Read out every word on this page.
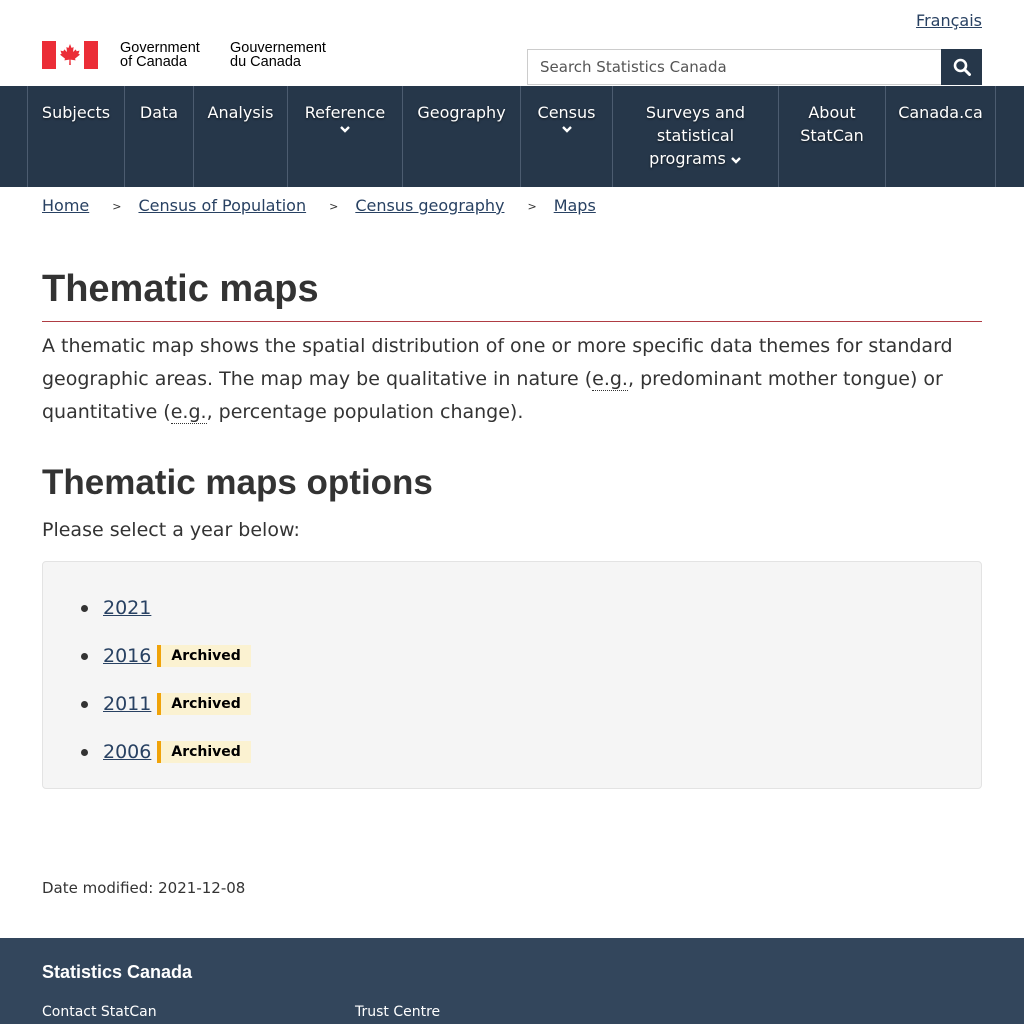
Français
Government
of Canada
Gouvernement
du Canada
Search Statistics Canada
Subjects	Data	Analysis	Reference	Geography	Census	Surveys and
statistical
programs
About
StatCan
Canada.ca
Home > Census of Population > Census geography > Maps
Thematic maps

A thematic map shows the spatial distribution of one or more specific data themes for standard geographic areas. The map may be qualitative in nature (e.g., predominant mother tongue) or quantitative (e.g., percentage population change).

Thematic maps options

Please select a year below:

2021
2016	Archived
2011	Archived
2006	Archived
Date modified: 2021-12-08
Statistics Canada
Contact StatCan	Trust Centre
